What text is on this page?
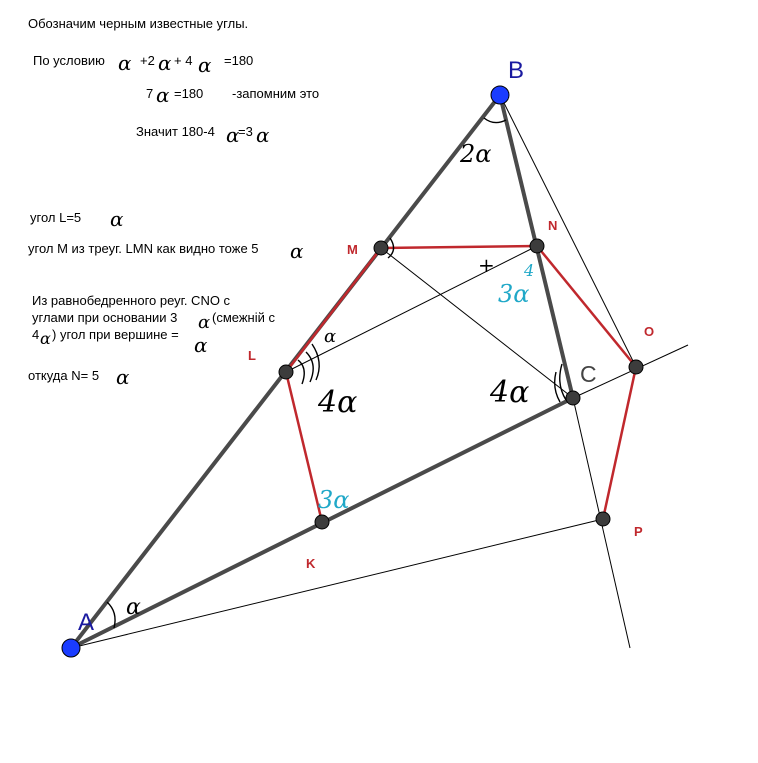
Обозначим черным известные углы.
По условию α +2 α + 4 α =180
7 α =180 -запомним это
Значит 180-4 α
=3 α
угол L=5 α
угол M из треуг. LMN как видно тоже 5 α
Из равнобедренного реуг. CNO с
углами при основании 3 α (смежній с
4 α ) угол при вершине = α
откуда N= 5 α
α
2α
α
4α	4α
+ 4
3α
3α
A
B
C
M
N
O
L
K
P
